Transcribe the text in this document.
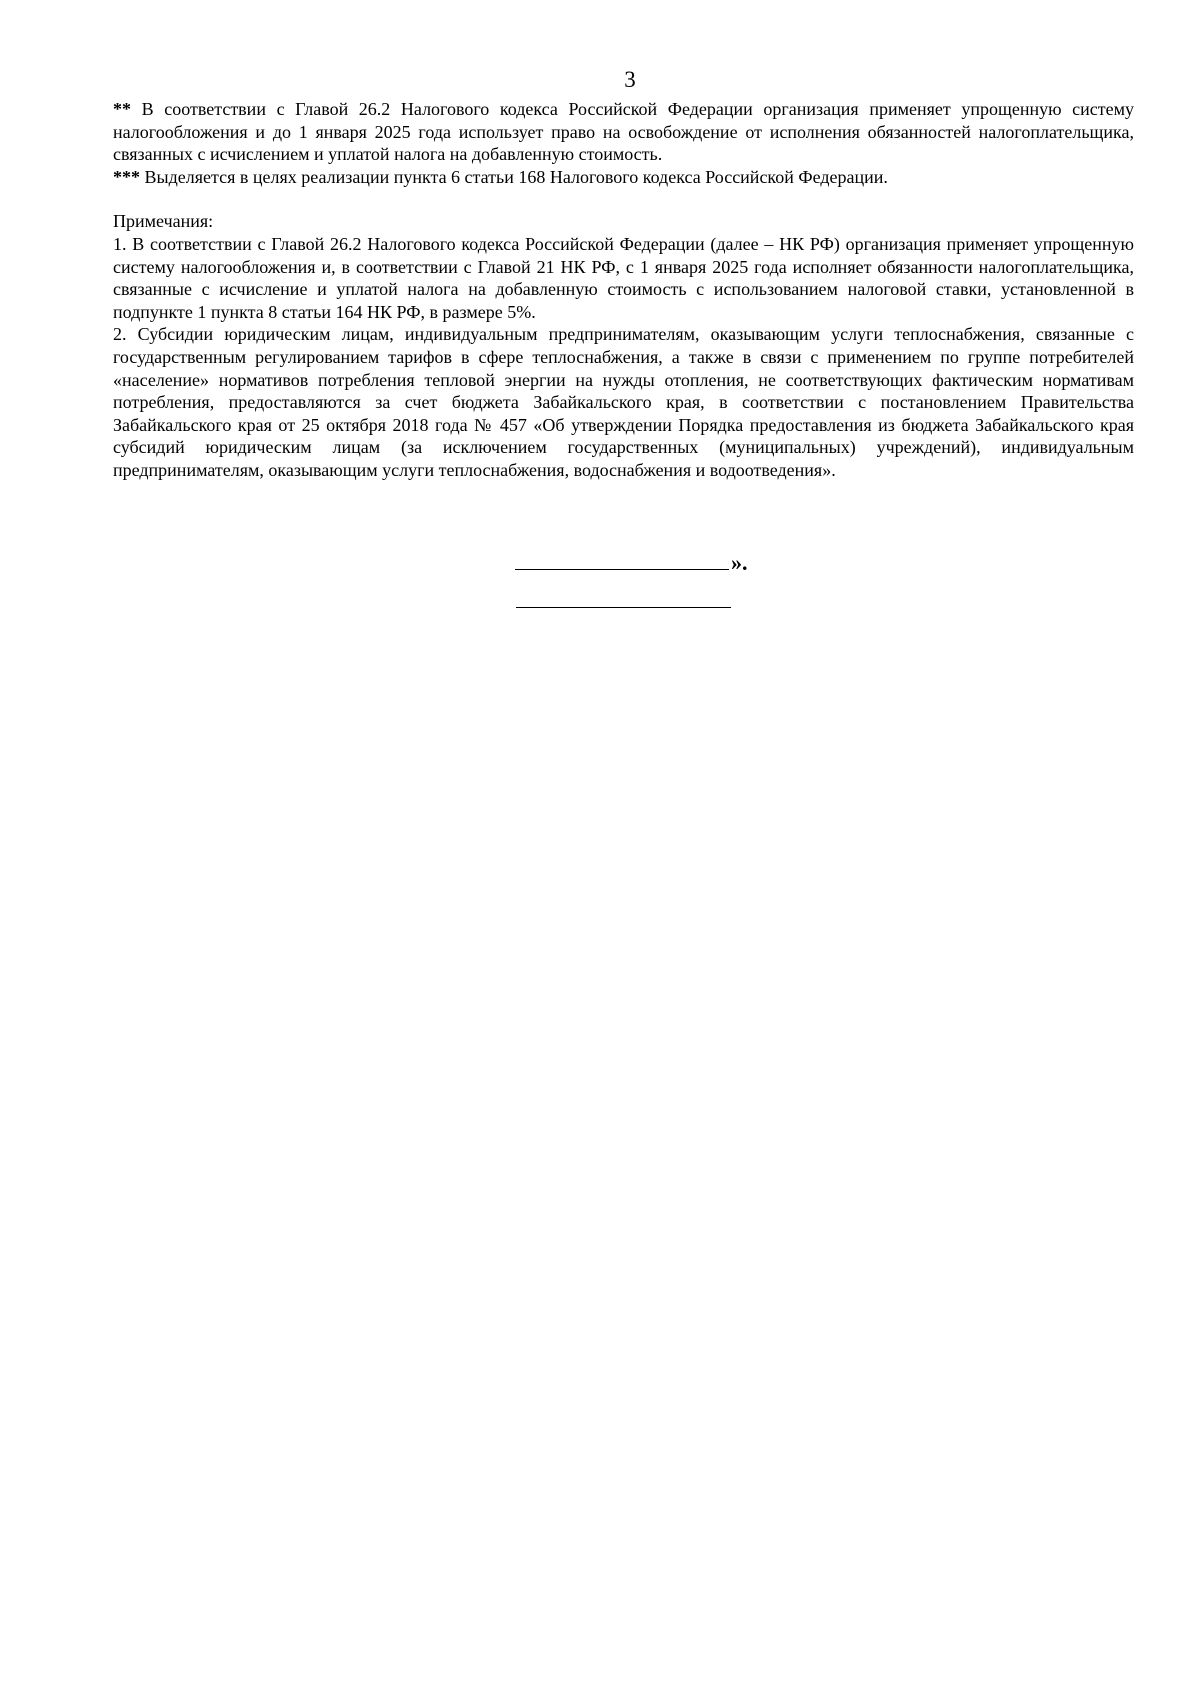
3

** В соответствии с Главой 26.2 Налогового кодекса Российской Федерации организация применяет упрощенную систему налогообложения и до 1 января 2025 года использует право на освобождение от исполнения обязанностей налогоплательщика, связанных с исчислением и уплатой налога на добавленную стоимость.

*** Выделяется в целях реализации пункта 6 статьи 168 Налогового кодекса Российской Федерации.

Примечания:

1. В соответствии с Главой 26.2 Налогового кодекса Российской Федерации (далее – НК РФ) организация применяет упрощенную систему налогообложения и, в соответствии с Главой 21 НК РФ, с 1 января 2025 года исполняет обязанности налогоплательщика, связанные с исчисление и уплатой налога на добавленную стоимость с использованием налоговой ставки, установленной в подпункте 1 пункта 8 статьи 164 НК РФ, в размере 5%.

2. Субсидии юридическим лицам, индивидуальным предпринимателям, оказывающим услуги теплоснабжения, связанные с государственным регулированием тарифов в сфере теплоснабжения, а также в связи с применением по группе потребителей «население» нормативов потребления тепловой энергии на нужды отопления, не соответствующих фактическим нормативам потребления, предоставляются за счет бюджета Забайкальского края, в соответствии с постановлением Правительства Забайкальского края от 25 октября 2018 года № 457 «Об утверждении Порядка предоставления из бюджета Забайкальского края субсидий юридическим лицам (за исключением государственных (муниципальных) учреждений), индивидуальным предпринимателям, оказывающим услуги теплоснабжения, водоснабжения и водоотведения».

».
